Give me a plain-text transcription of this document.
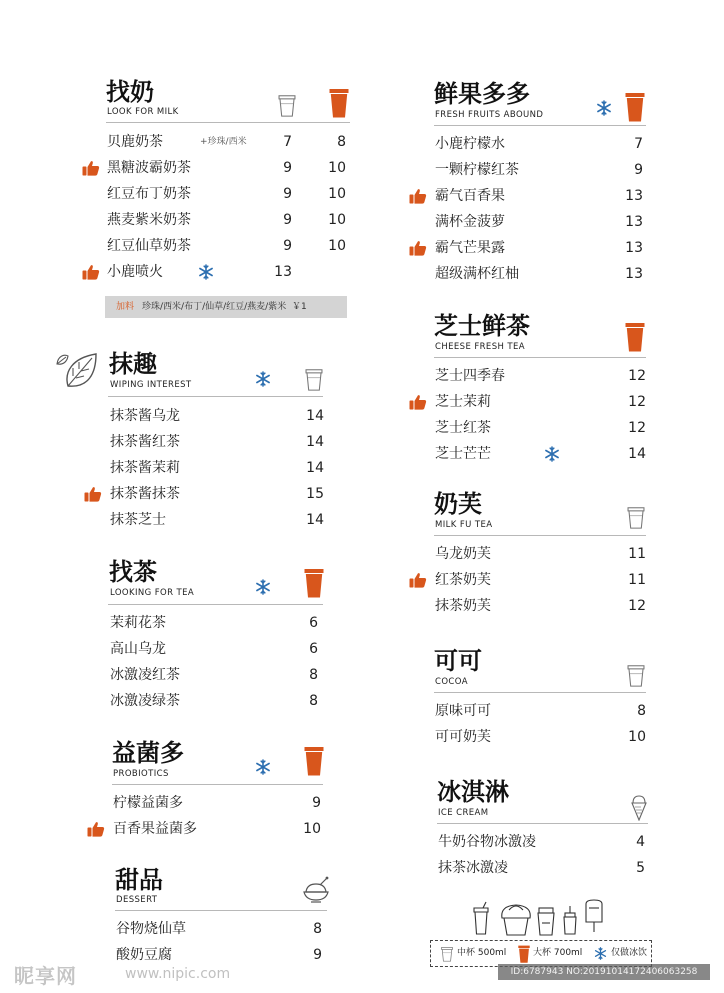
找奶
LOOK FOR MILK
加料 珍珠/西米/布丁/仙草/红豆/燕麦/紫米 ￥1
抹趣
WIPING INTEREST
找茶
LOOKING FOR TEA
益菌多
PROBIOTICS
甜品
DESSERT
鲜果多多
FRESH FRUITS ABOUND
芝士鲜茶
CHEESE FRESH TEA
奶芙
MILK FU TEA
可可
COCOA
冰淇淋
ICE CREAM
中杯 500ml	大杯 700ml	仅做冰饮
昵享网	www.nipic.com	ID:6787943 NO:20191014172406063258
贝鹿奶茶	+珍珠/西米	7	8
黑糖波霸奶茶	9	10
红豆布丁奶茶	9	10
燕麦紫米奶茶	9	10
红豆仙草奶茶	9	10
小鹿喷火	13
抹茶酱乌龙	14
抹茶酱红茶	14
抹茶酱茉莉	14
抹茶酱抹茶	15
抹茶芝士	14
茉莉花茶	6
高山乌龙	6
冰激凌红茶	8
冰激凌绿茶	8
柠檬益菌多	9
百香果益菌多	10
谷物烧仙草	8
酸奶豆腐	9
小鹿柠檬水	7
一颗柠檬红茶	9
霸气百香果	13
满杯金菠萝	13
霸气芒果露	13
超级满杯红柚	13
芝士四季春	12
芝士茉莉	12
芝士红茶	12
芝士芒芒	14
乌龙奶芙	11
红茶奶芙	11
抹茶奶芙	12
原味可可	8
可可奶芙	10
牛奶谷物冰激凌	4
抹茶冰激凌	5
